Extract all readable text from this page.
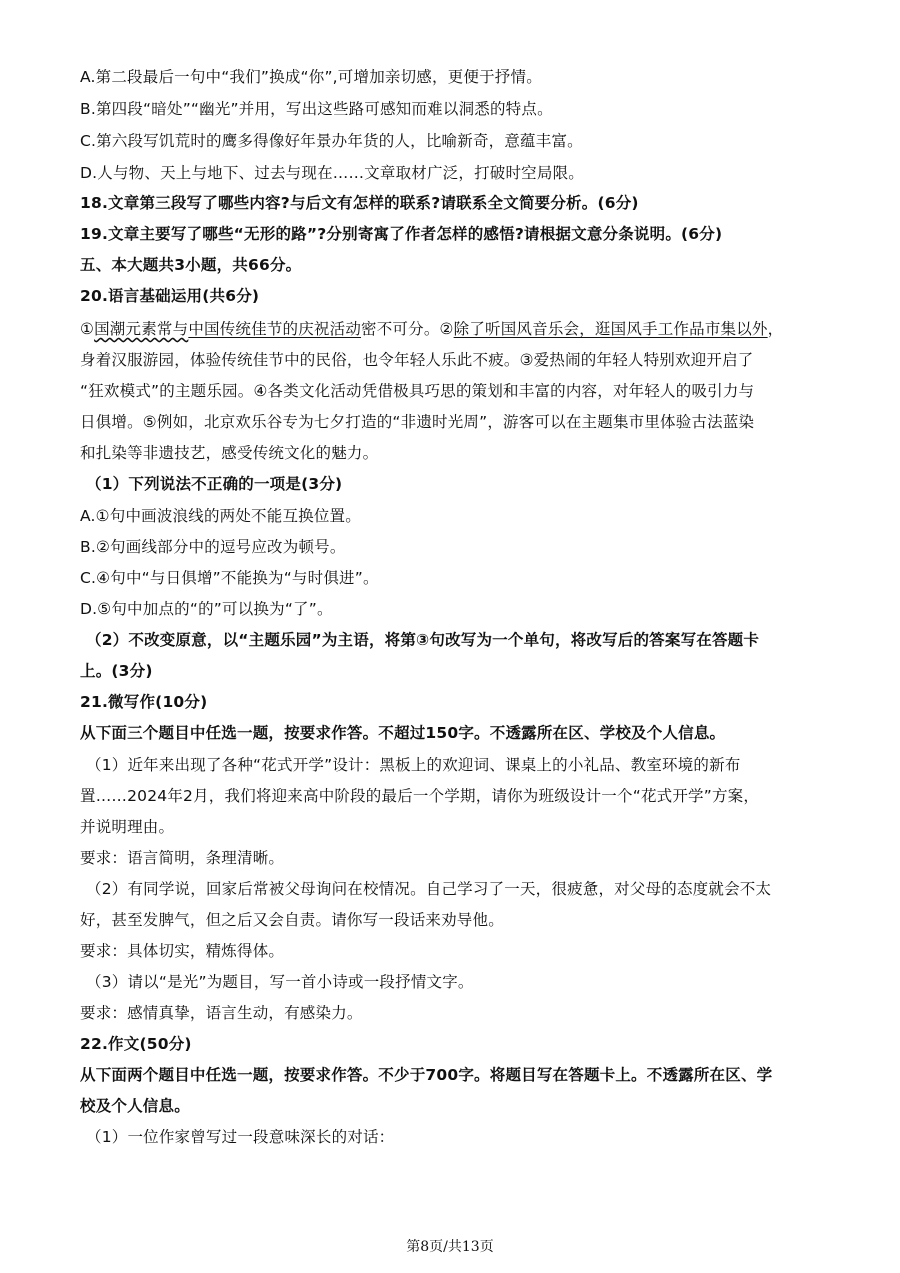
A.第二段最后一句中“我们”换成“你”,可增加亲切感，更便于抒情。
B.第四段“暗处”“幽光”并用，写出这些路可感知而难以洞悉的特点。
C.第六段写饥荒时的鹰多得像好年景办年货的人，比喻新奇，意蕴丰富。
D.人与物、天上与地下、过去与现在……文章取材广泛，打破时空局限。
18.文章第三段写了哪些内容?与后文有怎样的联系?请联系全文简要分析。(6分)
19.文章主要写了哪些“无形的路”?分别寄寓了作者怎样的感悟?请根据文意分条说明。(6分)
五、本大题共3小题，共66分。
20.语言基础运用(共6分)
①国潮元素常与中国传统佳节的庆祝活动密不可分。②除了听国风音乐会，逛国风手工作品市集以外，
身着汉服游园，体验传统佳节中的民俗，也令年轻人乐此不疲。③爱热闹的年轻人特别欢迎开启了
“狂欢模式”的主题乐园。④各类文化活动凭借极具巧思的策划和丰富的内容，对年轻人的吸引力与
日俱增。⑤例如，北京欢乐谷专为七夕打造的“非遗时光周”，游客可以在主题集市里体验古法蓝染
和扎染等非遗技艺，感受传统文化的魅力。
（1）下列说法不正确的一项是(3分)
A.①句中画波浪线的两处不能互换位置。
B.②句画线部分中的逗号应改为顿号。
C.④句中“与日俱增”不能换为“与时俱进”。
D.⑤句中加点的“的”可以换为“了”。
（2）不改变原意，以“主题乐园”为主语，将第③句改写为一个单句，将改写后的答案写在答题卡
上。(3分)
21.微写作(10分)
从下面三个题目中任选一题，按要求作答。不超过150字。不透露所在区、学校及个人信息。
（1）近年来出现了各种“花式开学”设计：黑板上的欢迎词、课桌上的小礼品、教室环境的新布
置……2024年2月，我们将迎来高中阶段的最后一个学期，请你为班级设计一个“花式开学”方案，
并说明理由。
要求：语言简明，条理清晰。
（2）有同学说，回家后常被父母询问在校情况。自己学习了一天，很疲惫，对父母的态度就会不太
好，甚至发脾气，但之后又会自责。请你写一段话来劝导他。
要求：具体切实，精炼得体。
（3）请以“是光”为题目，写一首小诗或一段抒情文字。
要求：感情真挚，语言生动，有感染力。
22.作文(50分)
从下面两个题目中任选一题，按要求作答。不少于700字。将题目写在答题卡上。不透露所在区、学
校及个人信息。
（1）一位作家曾写过一段意味深长的对话：
第8页/共13页
